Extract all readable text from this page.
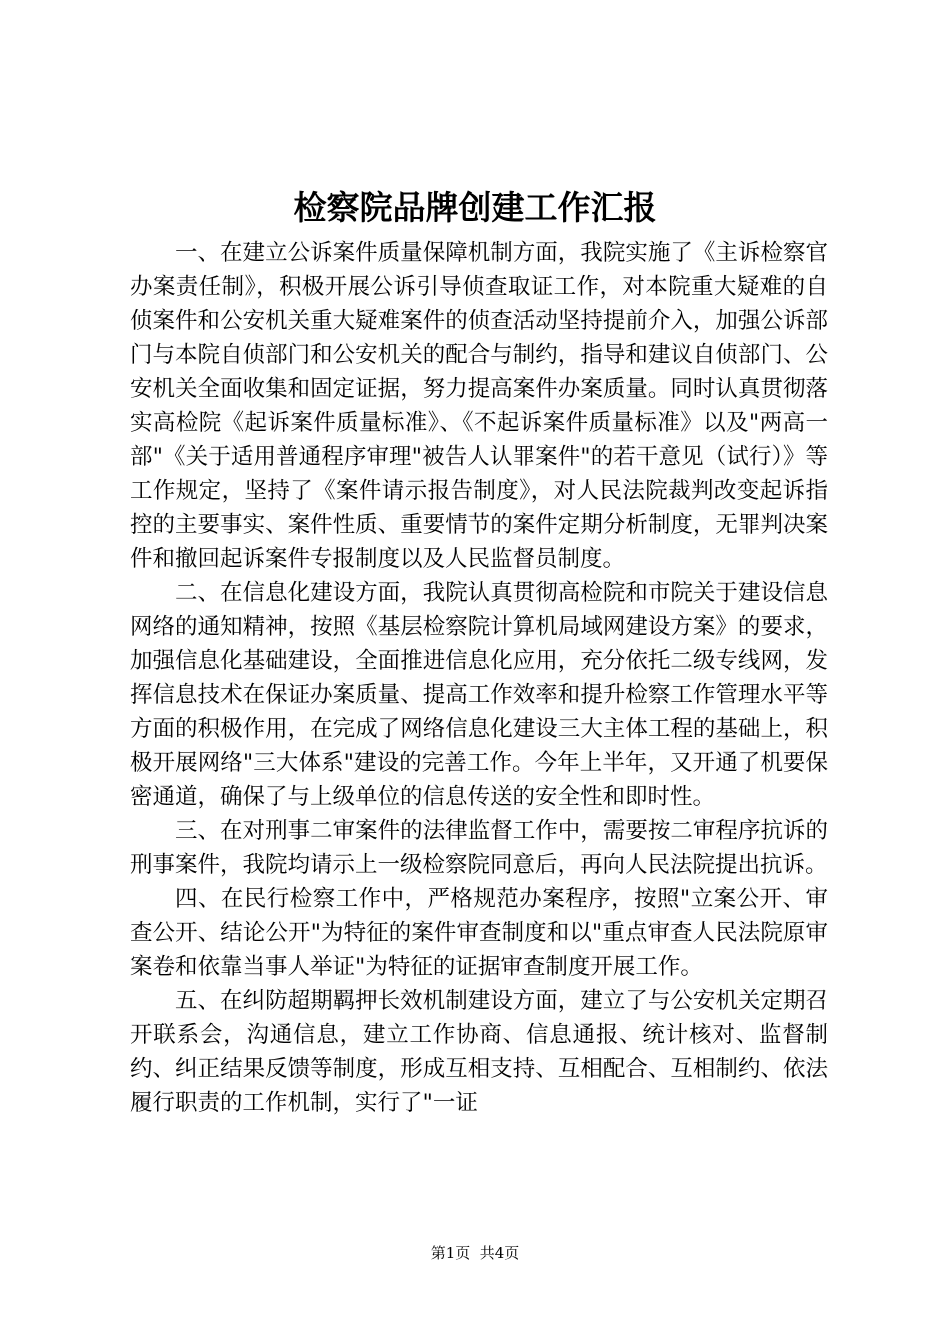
检察院品牌创建工作汇报

一、在建立公诉案件质量保障机制方面，我院实施了《主诉检察官办案责任制》，积极开展公诉引导侦查取证工作，对本院重大疑难的自侦案件和公安机关重大疑难案件的侦查活动坚持提前介入，加强公诉部门与本院自侦部门和公安机关的配合与制约，指导和建议自侦部门、公安机关全面收集和固定证据，努力提高案件办案质量。同时认真贯彻落实高检院《起诉案件质量标准》、《不起诉案件质量标准》以及"两高一部"《关于适用普通程序审理"被告人认罪案件"的若干意见（试行）》等工作规定，坚持了《案件请示报告制度》，对人民法院裁判改变起诉指控的主要事实、案件性质、重要情节的案件定期分析制度，无罪判决案件和撤回起诉案件专报制度以及人民监督员制度。

二、在信息化建设方面，我院认真贯彻高检院和市院关于建设信息网络的通知精神，按照《基层检察院计算机局域网建设方案》的要求，加强信息化基础建设，全面推进信息化应用，充分依托二级专线网，发挥信息技术在保证办案质量、提高工作效率和提升检察工作管理水平等方面的积极作用，在完成了网络信息化建设三大主体工程的基础上，积极开展网络"三大体系"建设的完善工作。今年上半年，又开通了机要保密通道，确保了与上级单位的信息传送的安全性和即时性。

三、在对刑事二审案件的法律监督工作中，需要按二审程序抗诉的刑事案件，我院均请示上一级检察院同意后，再向人民法院提出抗诉。

四、在民行检察工作中，严格规范办案程序，按照"立案公开、审查公开、结论公开"为特征的案件审查制度和以"重点审查人民法院原审案卷和依靠当事人举证"为特征的证据审查制度开展工作。

五、在纠防超期羁押长效机制建设方面，建立了与公安机关定期召开联系会，沟通信息，建立工作协商、信息通报、统计核对、监督制约、纠正结果反馈等制度，形成互相支持、互相配合、互相制约、依法履行职责的工作机制，实行了"一证

第1页  共4页
